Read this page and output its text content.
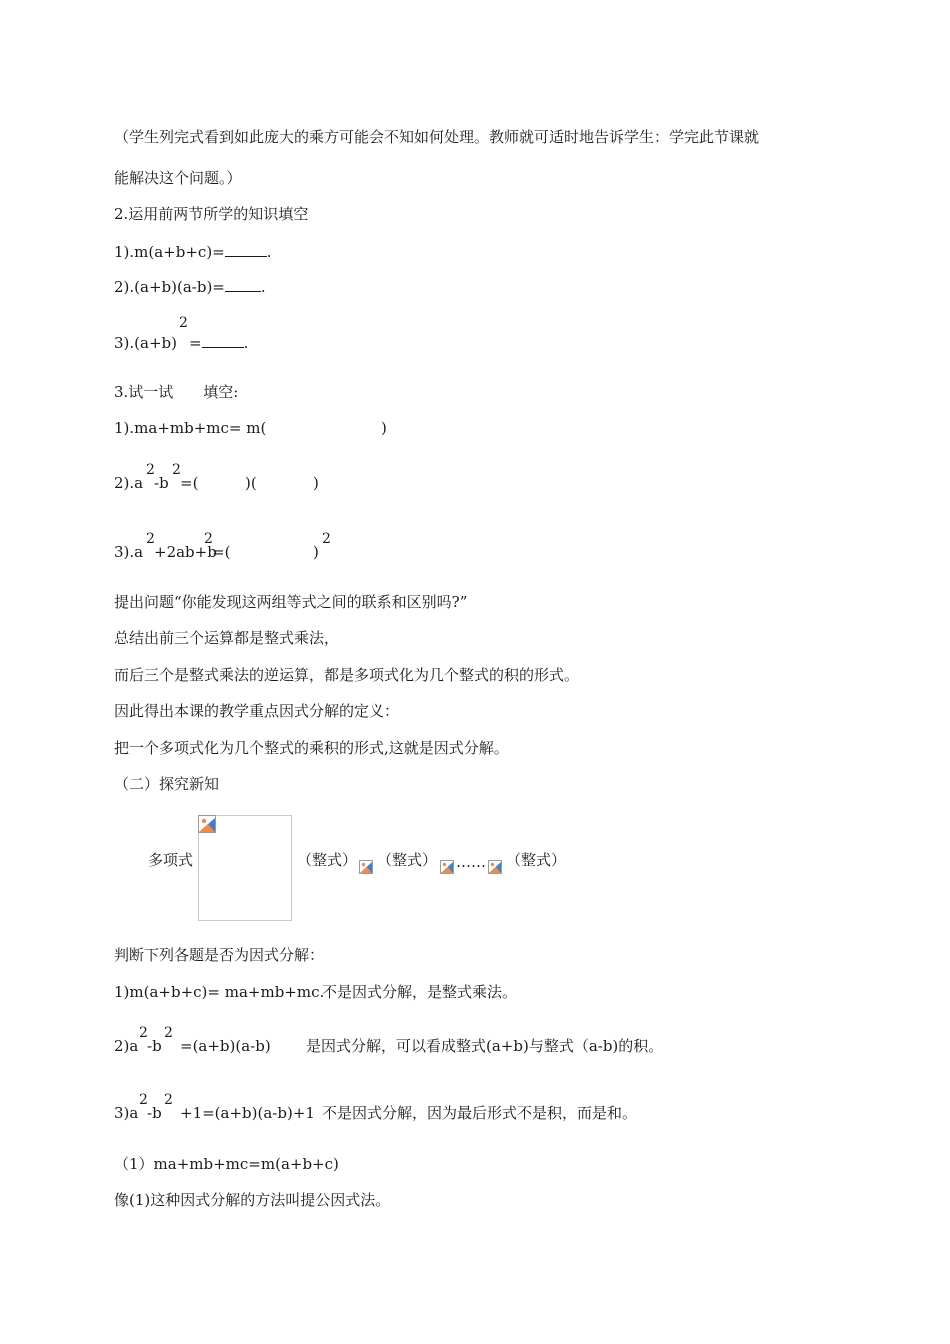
（学生列完式看到如此庞大的乘方可能会不知如何处理。教师就可适时地告诉学生：学完此节课就
能解决这个问题。）
2.运用前两节所学的知识填空
1).m(a+b+c)=	.
2).(a+b)(a-b)= .
2
3).(a+b) =	.
3.试一试　　填空:
1).ma+mb+mc= m(	)
2).a
2
-b
2
=(	)(	)
3).a
2
+2ab+b
2
=(	)
2
提出问题“你能发现这两组等式之间的联系和区别吗?”
总结出前三个运算都是整式乘法，
而后三个是整式乘法的逆运算，都是多项式化为几个整式的积的形式。
因此得出本课的教学重点因式分解的定义：
把一个多项式化为几个整式的乘积的形式,这就是因式分解。
（二）探究新知
多项式	（整式） （整式） …… （整式）
判断下列各题是否为因式分解：
1)m(a+b+c)= ma+mb+mc.
不是因式分解，是整式乘法。
2)a
2
-b
2
=(a+b)(a-b) 是因式分解，可以看成整式(a+b)与整式（a-b)的积。
3)a
2
-b
2
+1=(a+b)(a-b)+1 不是因式分解，因为最后形式不是积，而是和。
（1）ma+mb+mc=m(a+b+c)
像(1)这种因式分解的方法叫提公因式法。
